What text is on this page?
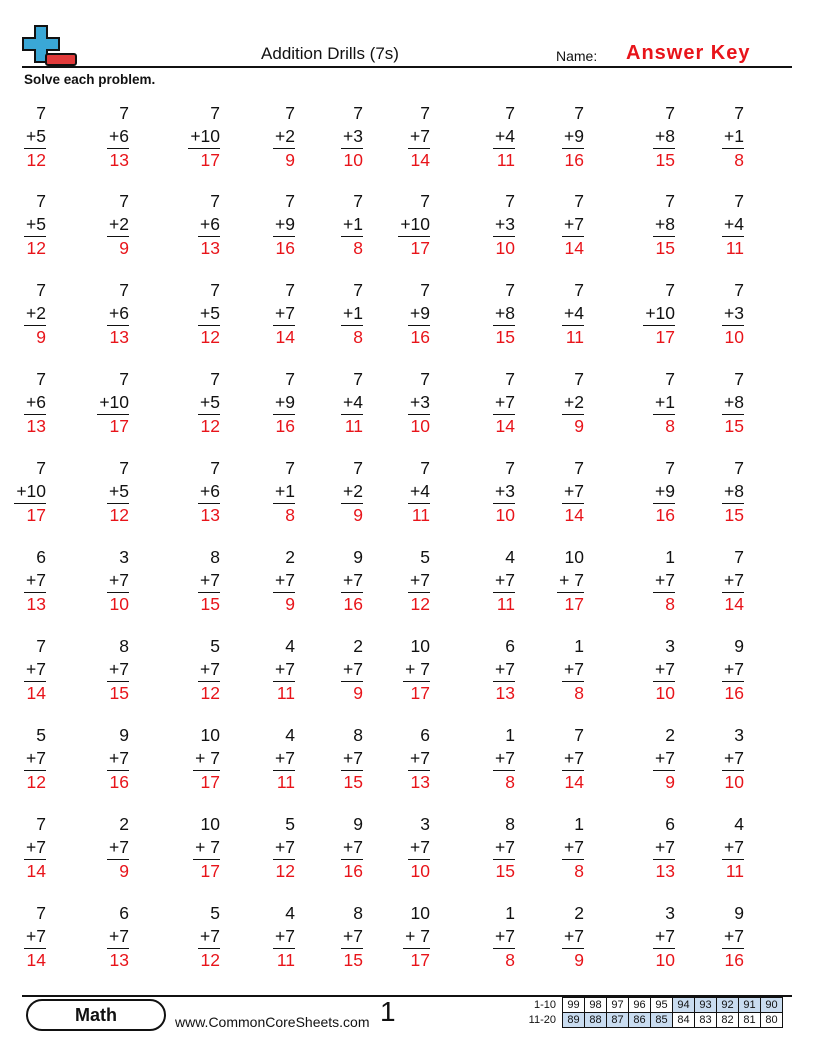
Addition Drills (7s)	Name: Answer Key
Solve each problem.
7
+5
12
7
+6
13
7
+10
17
7
+2
9
7
+3
10
7
+7
14
7
+4
11
7
+9
16
7
+8
15
7
+1
8
7
+5
12
7
+2
9
7
+6
13
7
+9
16
7
+1
8
7
+10
17
7
+3
10
7
+7
14
7
+8
15
7
+4
11
7
+2
9
7
+6
13
7
+5
12
7
+7
14
7
+1
8
7
+9
16
7
+8
15
7
+4
11
7
+10
17
7
+3
10
7
+6
13
7
+10
17
7
+5
12
7
+9
16
7
+4
11
7
+3
10
7
+7
14
7
+2
9
7
+1
8
7
+8
15
7
+10
17
7
+5
12
7
+6
13
7
+1
8
7
+2
9
7
+4
11
7
+3
10
7
+7
14
7
+9
16
7
+8
15
6
+7
13
3
+7
10
8
+7
15
2
+7
9
9
+7
16
5
+7
12
4
+7
11
10
+ 7
17
1
+7
8
7
+7
14
7
+7
14
8
+7
15
5
+7
12
4
+7
11
2
+7
9
10
+ 7
17
6
+7
13
1
+7
8
3
+7
10
9
+7
16
5
+7
12
9
+7
16
10
+ 7
17
4
+7
11
8
+7
15
6
+7
13
1
+7
8
7
+7
14
2
+7
9
3
+7
10
7
+7
14
2
+7
9
10
+ 7
17
5
+7
12
9
+7
16
3
+7
10
8
+7
15
1
+7
8
6
+7
13
4
+7
11
7
+7
14
6
+7
13
5
+7
12
4
+7
11
8
+7
15
10
+ 7
17
1
+7
8
2
+7
9
3
+7
10
9
+7
16
Math	www.CommonCoreSheets.com 1	1-10	99	98	97	96	95	94	93	92	91	90
11-20	89	88	87	86	85	84	83	82	81	80
